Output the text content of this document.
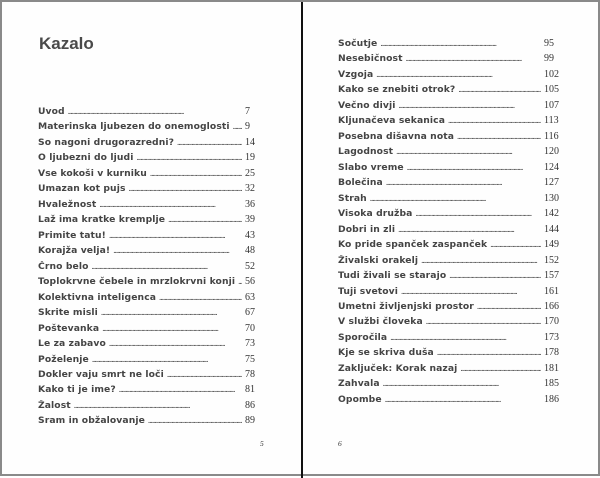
Kazalo
Uvod . . .	7
Materinska ljubezen do onemoglosti . . . 9
So nagoni drugorazredni? . . .	14
O ljubezni do ljudi . . .	19
Vse kokoši v kurniku . . .	25
Umazan kot pujs . . .	32
Hvaležnost . . .	36
Laž ima kratke kremplje . . .	39
Primite tatu! . . .	43
Korajža velja! . . .	48
Črno belo . . .	52
Toplokrvne čebele in mrzlokrvni konji . . . 56
Kolektivna inteligenca . . .	63
Skrite misli . . .	67
Poštevanka . . .	70
Le za zabavo . . .	73
Poželenje . . .	75
Dokler vaju smrt ne loči . . .	78
Kako ti je ime? . . .	81
Žalost . . .	86
Sram in obžalovanje . . .	89
5
Sočutje . . .	95
Nesebičnost . . .	99
Vzgoja . . .	102
Kako se znebiti otrok? . . .	105
Večno divji . . .	107
Kljunačeva sekanica . . .	113
Posebna dišavna nota . . .	116
Lagodnost . . .	120
Slabo vreme . . .	124
Bolečina . . .	127
Strah . . .	130
Visoka družba . . .	142
Dobri in zli . . .	144
Ko pride spanček zaspanček . . .	149
Živalski orakelj . . .	152
Tudi živali se starajo . . .	157
Tuji svetovi . . .	161
Umetni življenjski prostor . . .	166
V službi človeka . . .	170
Sporočila . . .	173
Kje se skriva duša . . .	178
Zaključek: Korak nazaj . . .	181
Zahvala . . .	185
Opombe . . .	186
6
